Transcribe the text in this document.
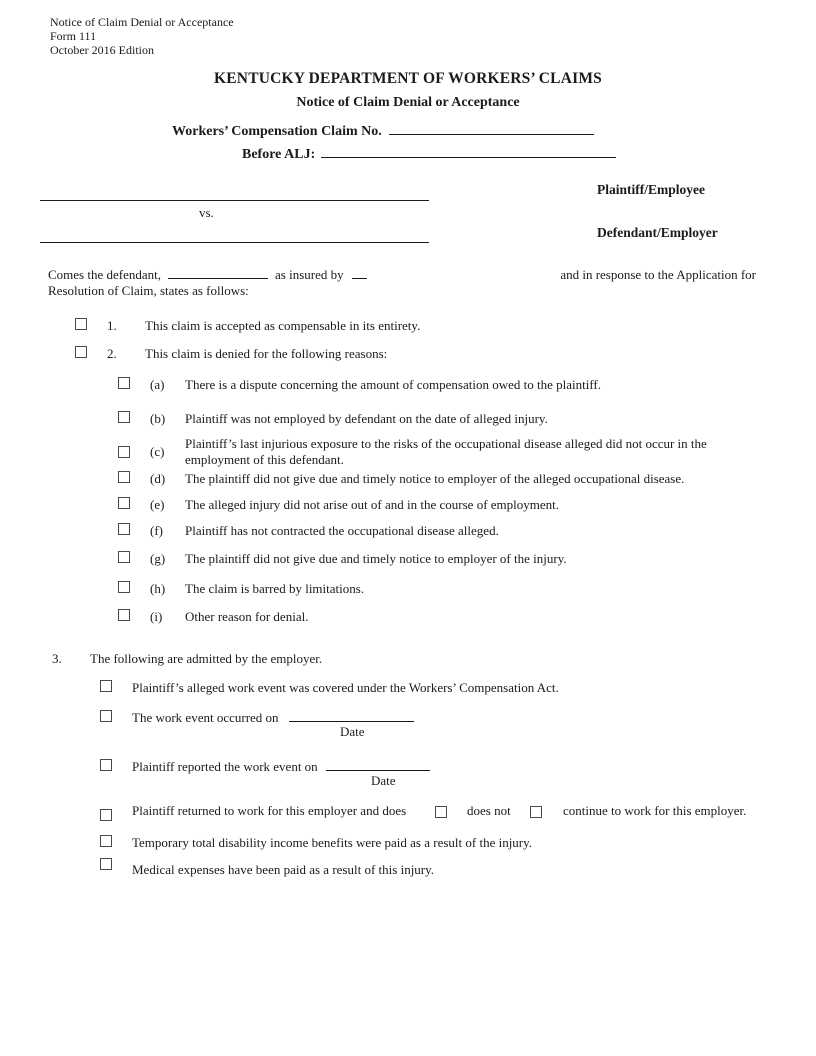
Notice of Claim Denial or Acceptance
Form 111
October 2016 Edition
KENTUCKY DEPARTMENT OF WORKERS’ CLAIMS
Notice of Claim Denial or Acceptance
Workers’ Compensation Claim No.
Before ALJ:
Plaintiff/Employee
vs.
Defendant/Employer
Comes the defendant,	as insured by	and in response to the Application for
Resolution of Claim, states as follows:
1.	This claim is accepted as compensable in its entirety.
2.	This claim is denied for the following reasons:
(a) There is a dispute concerning the amount of compensation owed to the plaintiff.
(b) Plaintiff was not employed by defendant on the date of alleged injury.
(c) Plaintiff’s last injurious exposure to the risks of the occupational disease alleged did not occur in the employment of this defendant.
(d) The plaintiff did not give due and timely notice to employer of the alleged occupational disease.
(e) The alleged injury did not arise out of and in the course of employment.
(f)	Plaintiff has not contracted the occupational disease alleged.
(g) The plaintiff did not give due and timely notice to employer of the injury.
(h) The claim is barred by limitations.
(i)	Other reason for denial.
3.	The following are admitted by the employer.
Plaintiff’s alleged work event was covered under the Workers’ Compensation Act.
The work event occurred on
Date
Plaintiff reported the work event on
Date
Plaintiff returned to work for this employer and does	does not	continue to work for this employer.
Temporary total disability income benefits were paid as a result of the injury.
Medical expenses have been paid as a result of this injury.
